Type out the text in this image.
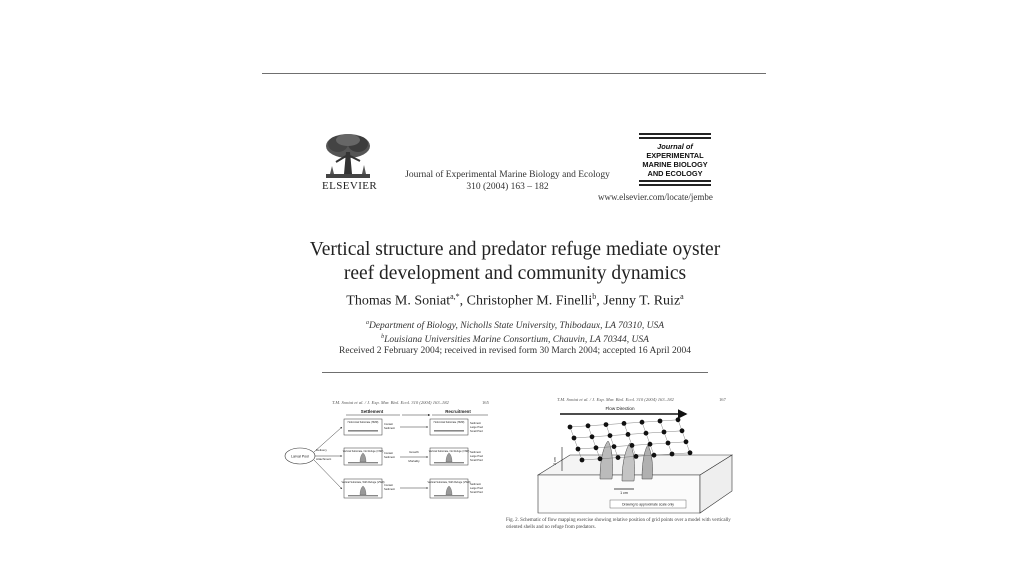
ELSEVIER
Journal of Experimental Marine Biology and Ecology
310 (2004) 163 – 182
Journal of
EXPERIMENTAL
MARINE BIOLOGY
AND ECOLOGY
www.elsevier.com/locate/jembe
Vertical structure and predator refuge mediate oyster
reef development and community dynamics
Thomas M. Soniat$^{a,*}$, Christopher M. Finelli$^b$, Jenny T. Ruiz$^a$
$^a$Department of Biology, Nicholls State University, Thibodaux, LA 70310, USA
$^b$Louisiana Universities Marine Consortium, Chauvin, LA 70344, USA
Received 2 February 2004; received in revised form 30 March 2004; accepted 16 April 2004
T.M. Soniat et al. / J. Exp. Mar. Biol. Ecol. 310 (2004) 163–182	165
Settlement	Recruitment
Larval Pool
Delivery
Attachment
Horizontal Substrate (HMR)
Contact
Sediment
Horizontal Substrate (HMR) Sediment
Large Pred
Small Pred
Vertical Substrate, No Refuge (VNR)
Contact
Sediment
Growth
Mortality
Vertical Substrate, No Refuge (VNR) Sediment
Large Pred
Small Pred
Vertical Substrate, With Refuge (VWR)
Contact
Sediment
Vertical Substrate, With Refuge (VWR)
Sediment
Large Pred
Small Pred
T.M. Soniat et al. / J. Exp. Mar. Biol. Ecol. 310 (2004) 163–182	167
Flow Direction
2 cm
1 cm
Drawing to approximate scale only
Fig. 2. Schematic of flow mapping exercise showing relative position of grid points over a model with vertically oriented shells and no refuge from predators.
